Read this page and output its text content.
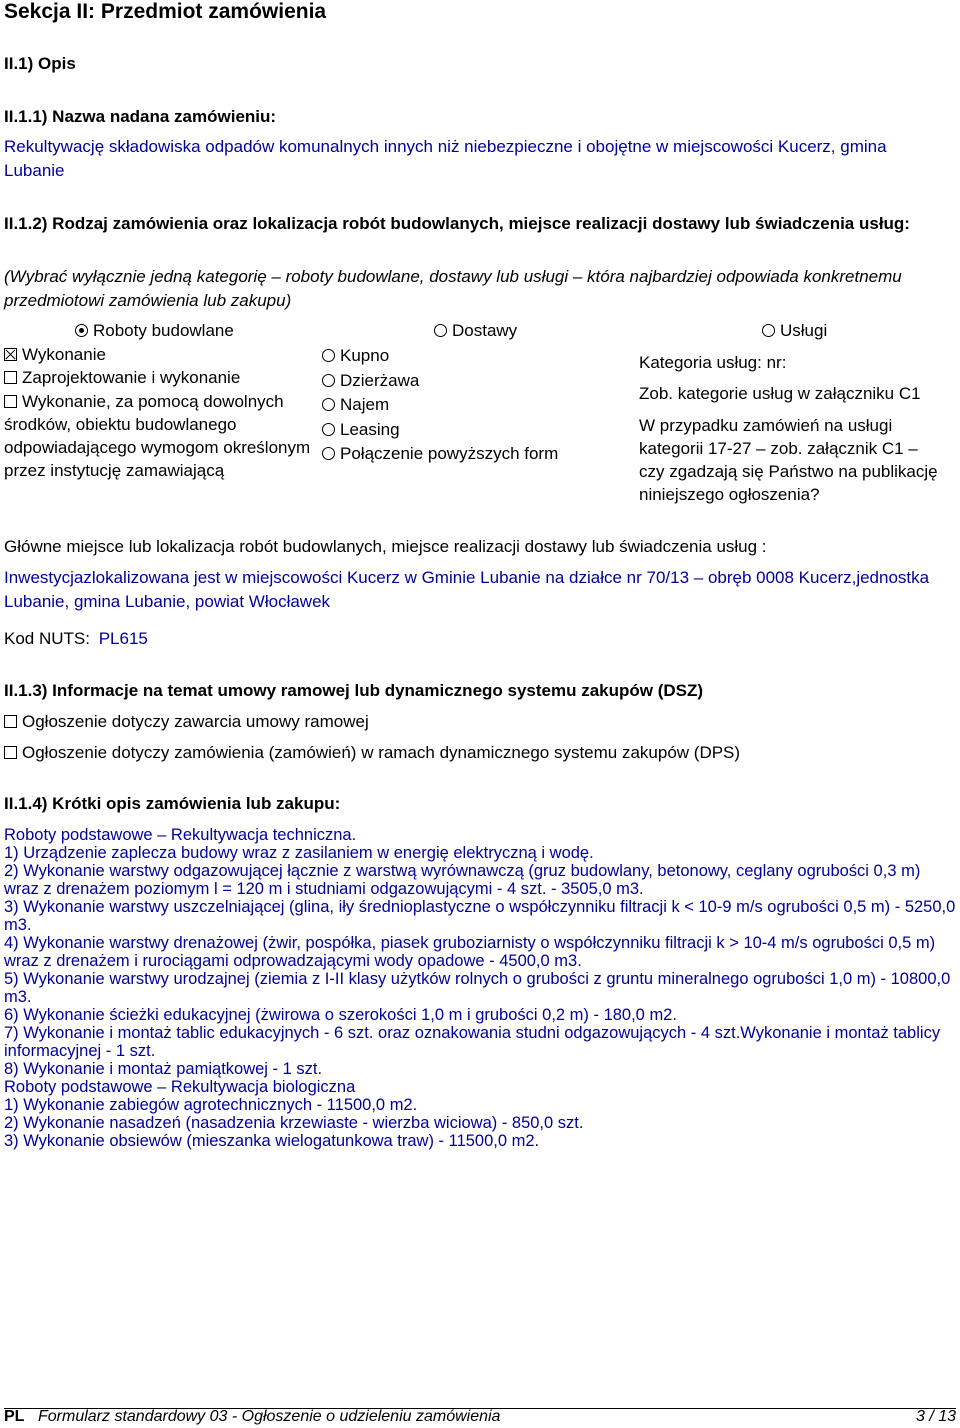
Sekcja II: Przedmiot zamówienia
II.1) Opis
II.1.1) Nazwa nadana zamówieniu:
Rekultywację składowiska odpadów komunalnych innych niż niebezpieczne i obojętne w miejscowości Kucerz, gmina Lubanie
II.1.2) Rodzaj zamówienia oraz lokalizacja robót budowlanych, miejsce realizacji dostawy lub świadczenia usług:
(Wybrać wyłącznie jedną kategorię – roboty budowlane, dostawy lub usługi – która najbardziej odpowiada konkretnemu przedmiotowi zamówienia lub zakupu)
Roboty budowlane	Dostawy	Usługi
Wykonanie
Zaprojektowanie i wykonanie
Wykonanie, za pomocą dowolnych środków, obiektu budowlanego odpowiadającego wymogom określonym przez instytucję zamawiającą
Kupno
Dzierżawa
Najem
Leasing
Połączenie powyższych form
Kategoria usług: nr:
Zob. kategorie usług w załączniku C1
W przypadku zamówień na usługi kategorii 17-27 – zob. załącznik C1 – czy zgadzają się Państwo na publikację niniejszego ogłoszenia?
Główne miejsce lub lokalizacja robót budowlanych, miejsce realizacji dostawy lub świadczenia usług :
Inwestycjazlokalizowana jest w miejscowości Kucerz w Gminie Lubanie na działce nr 70/13 – obręb 0008 Kucerz,jednostka Lubanie, gmina Lubanie, powiat Włocławek
Kod NUTS: PL615
II.1.3) Informacje na temat umowy ramowej lub dynamicznego systemu zakupów (DSZ)
Ogłoszenie dotyczy zawarcia umowy ramowej
Ogłoszenie dotyczy zamówienia (zamówień) w ramach dynamicznego systemu zakupów (DPS)
II.1.4) Krótki opis zamówienia lub zakupu:
Roboty podstawowe – Rekultywacja techniczna.
1) Urządzenie zaplecza budowy wraz z zasilaniem w energię elektryczną i wodę.
2) Wykonanie warstwy odgazowującej łącznie z warstwą wyrównawczą (gruz budowlany, betonowy, ceglany ogrubości 0,3 m) wraz z drenażem poziomym l = 120 m i studniami odgazowującymi - 4 szt. - 3505,0 m3.
3) Wykonanie warstwy uszczelniającej (glina, iły średnioplastyczne o współczynniku filtracji k < 10-9 m/s ogrubości 0,5 m) - 5250,0 m3.
4) Wykonanie warstwy drenażowej (żwir, pospółka, piasek gruboziarnisty o współczynniku filtracji k > 10-4 m/s ogrubości 0,5 m) wraz z drenażem i rurociągami odprowadzającymi wody opadowe - 4500,0 m3.
5) Wykonanie warstwy urodzajnej (ziemia z I-II klasy użytków rolnych o grubości z gruntu mineralnego ogrubości 1,0 m) - 10800,0 m3.
6) Wykonanie ścieżki edukacyjnej (żwirowa o szerokości 1,0 m i grubości 0,2 m) - 180,0 m2.
7) Wykonanie i montaż tablic edukacyjnych - 6 szt. oraz oznakowania studni odgazowujących - 4 szt.Wykonanie i montaż tablicy informacyjnej - 1 szt.
8) Wykonanie i montaż pamiątkowej - 1 szt.
Roboty podstawowe – Rekultywacja biologiczna
1) Wykonanie zabiegów agrotechnicznych - 11500,0 m2.
2) Wykonanie nasadzeń (nasadzenia krzewiaste - wierzba wiciowa) - 850,0 szt.
3) Wykonanie obsiewów (mieszanka wielogatunkowa traw) - 11500,0 m2.
PL Formularz standardowy 03 - Ogłoszenie o udzieleniu zamówienia	3 / 13
